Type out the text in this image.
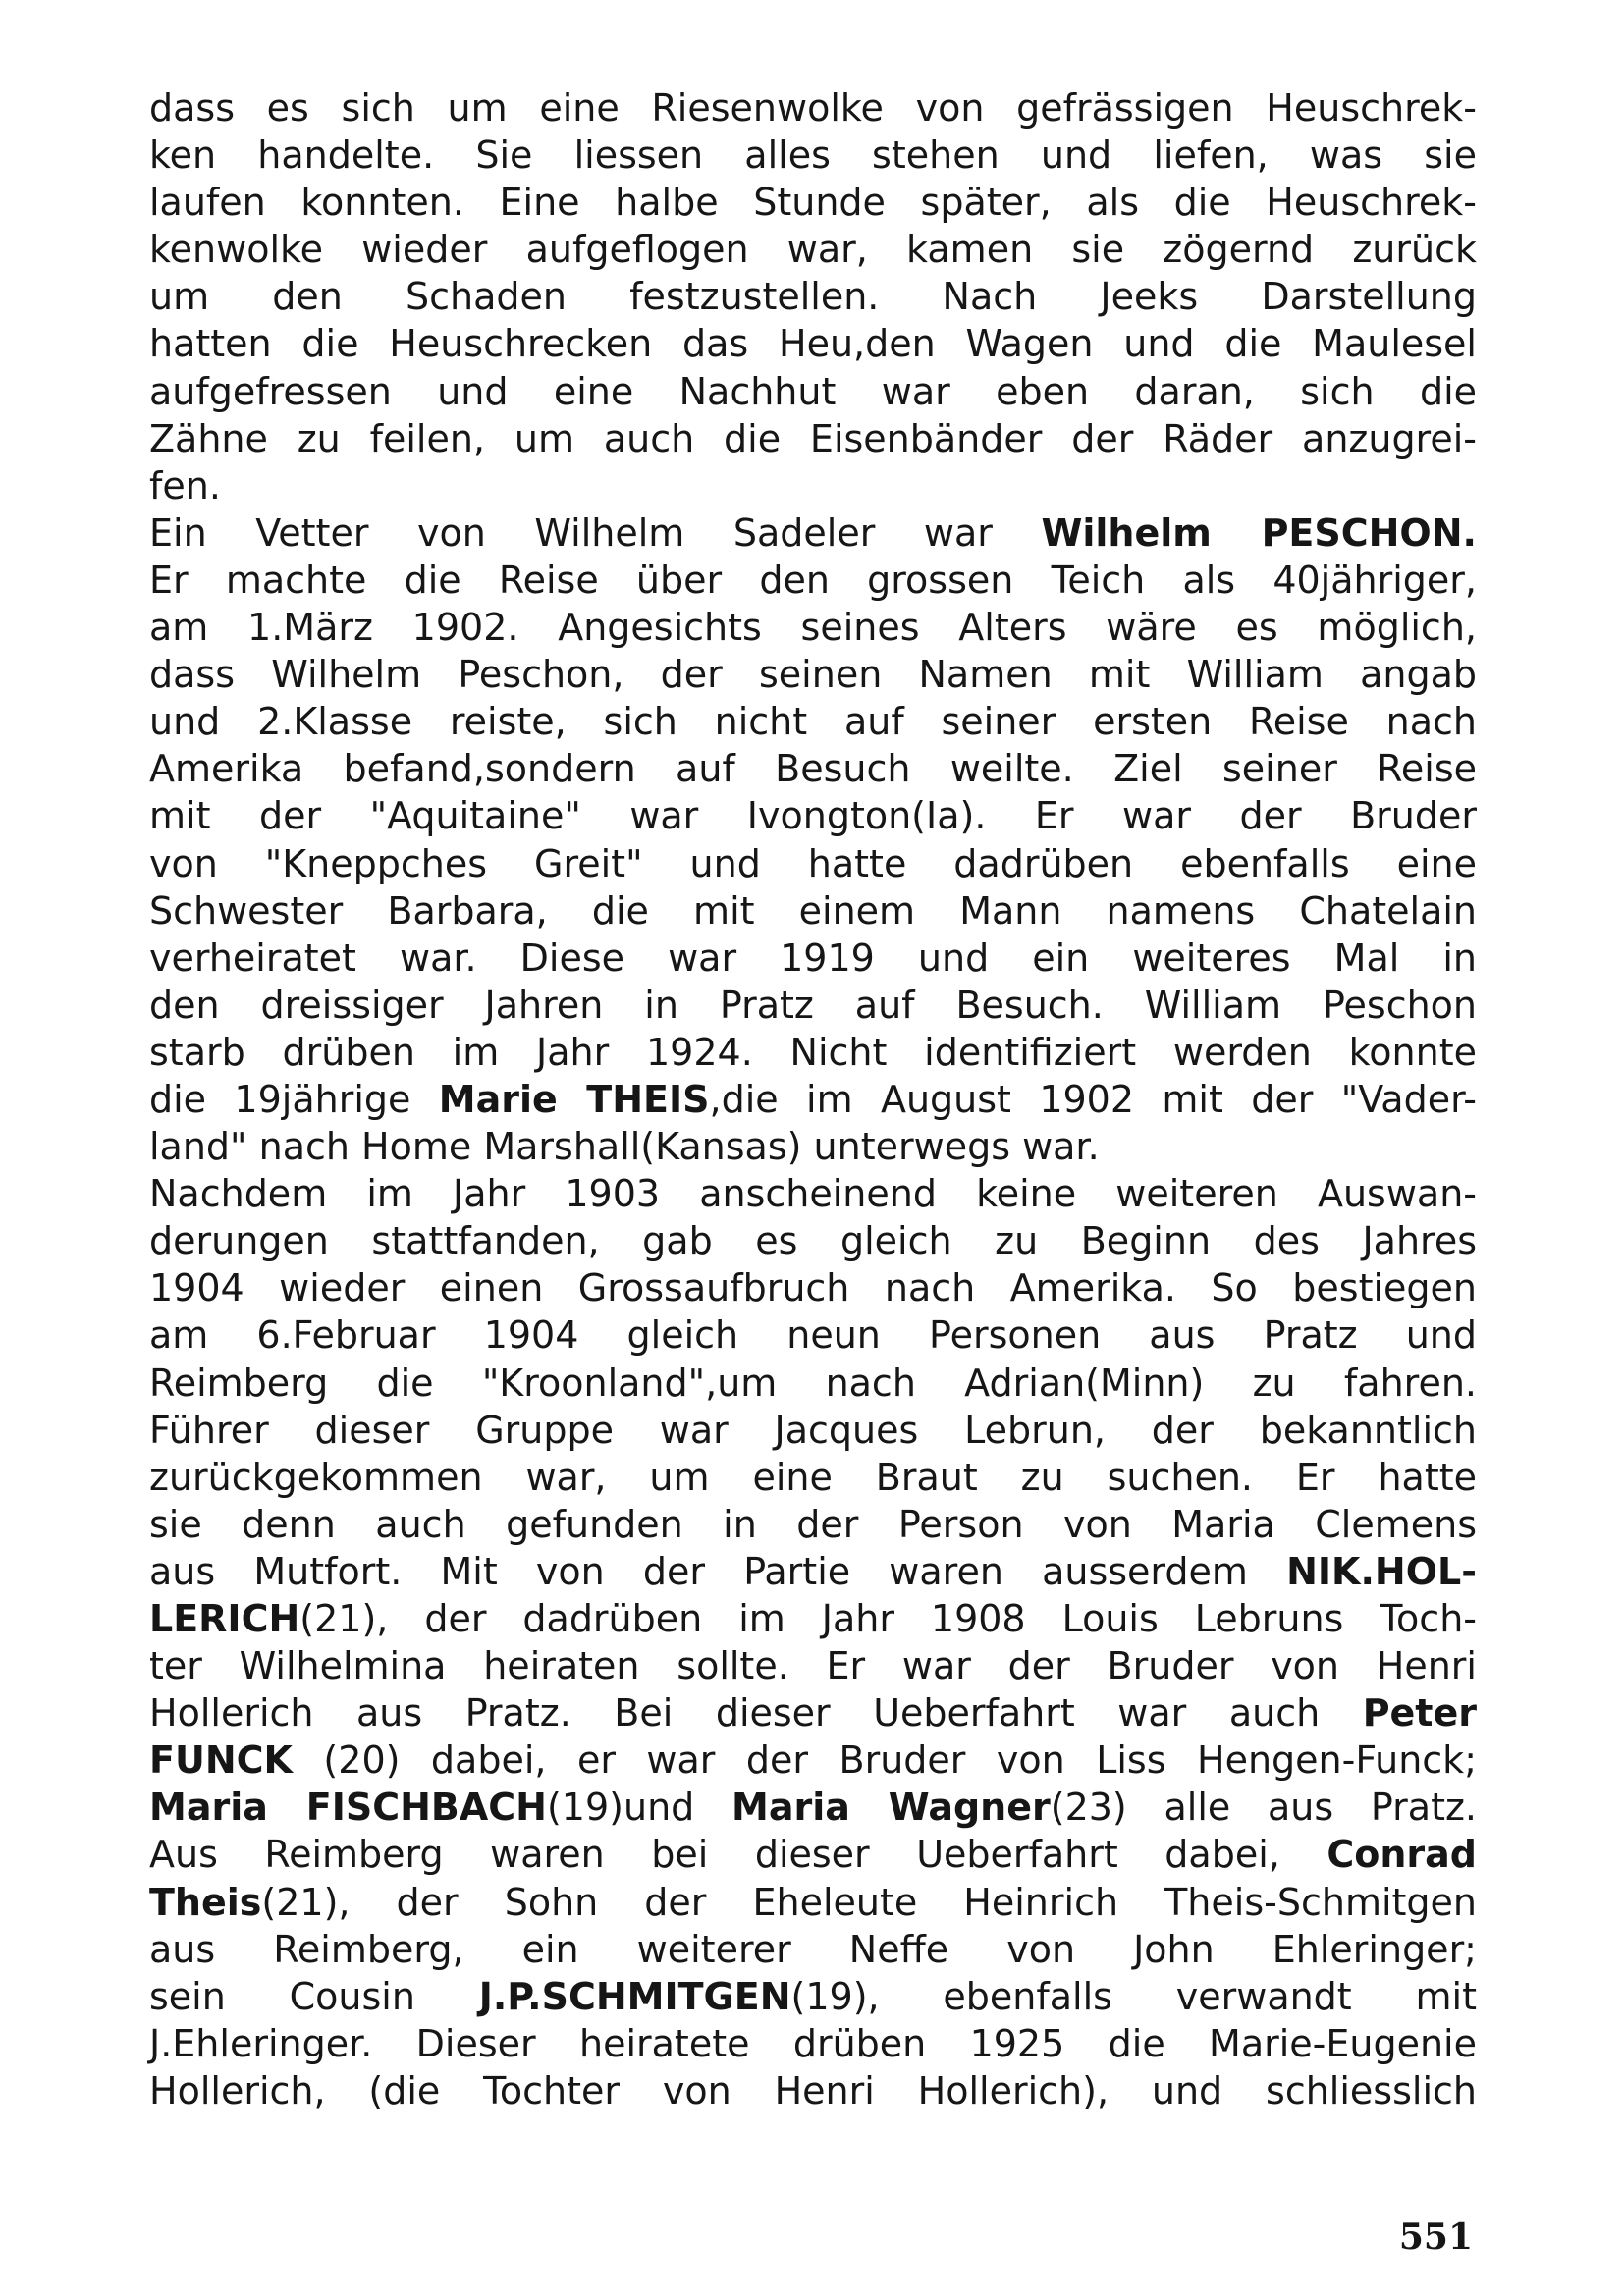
dass es sich um eine Riesenwolke von gefrässigen Heuschrek-
ken handelte. Sie liessen alles stehen und liefen, was sie
laufen konnten. Eine halbe Stunde später, als die Heuschrek-
kenwolke wieder aufgeflogen war, kamen sie zögernd zurück
um den Schaden festzustellen. Nach Jeeks Darstellung
hatten die Heuschrecken das Heu,den Wagen und die Maulesel
aufgefressen und eine Nachhut war eben daran, sich die
Zähne zu feilen, um auch die Eisenbänder der Räder anzugrei-
fen.
Ein Vetter von Wilhelm Sadeler war Wilhelm PESCHON.
Er machte die Reise über den grossen Teich als 40jähriger,
am 1.März 1902. Angesichts seines Alters wäre es möglich,
dass Wilhelm Peschon, der seinen Namen mit William angab
und 2.Klasse reiste, sich nicht auf seiner ersten Reise nach
Amerika befand,sondern auf Besuch weilte. Ziel seiner Reise
mit der "Aquitaine" war Ivongton(Ia). Er war der Bruder
von "Kneppches Greit" und hatte dadrüben ebenfalls eine
Schwester Barbara, die mit einem Mann namens Chatelain
verheiratet war. Diese war 1919 und ein weiteres Mal in
den dreissiger Jahren in Pratz auf Besuch. William Peschon
starb drüben im Jahr 1924. Nicht identifiziert werden konnte
die 19jährige Marie THEIS,die im August 1902 mit der "Vader-
land" nach Home Marshall(Kansas) unterwegs war.
Nachdem im Jahr 1903 anscheinend keine weiteren Auswan-
derungen stattfanden, gab es gleich zu Beginn des Jahres
1904 wieder einen Grossaufbruch nach Amerika. So bestiegen
am 6.Februar 1904 gleich neun Personen aus Pratz und
Reimberg die "Kroonland",um nach Adrian(Minn) zu fahren.
Führer dieser Gruppe war Jacques Lebrun, der bekanntlich
zurückgekommen war, um eine Braut zu suchen. Er hatte
sie denn auch gefunden in der Person von Maria Clemens
aus Mutfort. Mit von der Partie waren ausserdem NIK.HOL-
LERICH(21), der dadrüben im Jahr 1908 Louis Lebruns Toch-
ter Wilhelmina heiraten sollte. Er war der Bruder von Henri
Hollerich aus Pratz. Bei dieser Ueberfahrt war auch Peter
FUNCK (20) dabei, er war der Bruder von Liss Hengen-Funck;
Maria FISCHBACH(19)und Maria Wagner(23) alle aus Pratz.
Aus Reimberg waren bei dieser Ueberfahrt dabei, Conrad
Theis(21), der Sohn der Eheleute Heinrich Theis-Schmitgen
aus Reimberg, ein weiterer Neffe von John Ehleringer;
sein Cousin J.P.SCHMITGEN(19), ebenfalls verwandt mit
J.Ehleringer. Dieser heiratete drüben 1925 die Marie-Eugenie
Hollerich, (die Tochter von Henri Hollerich), und schliesslich
551
